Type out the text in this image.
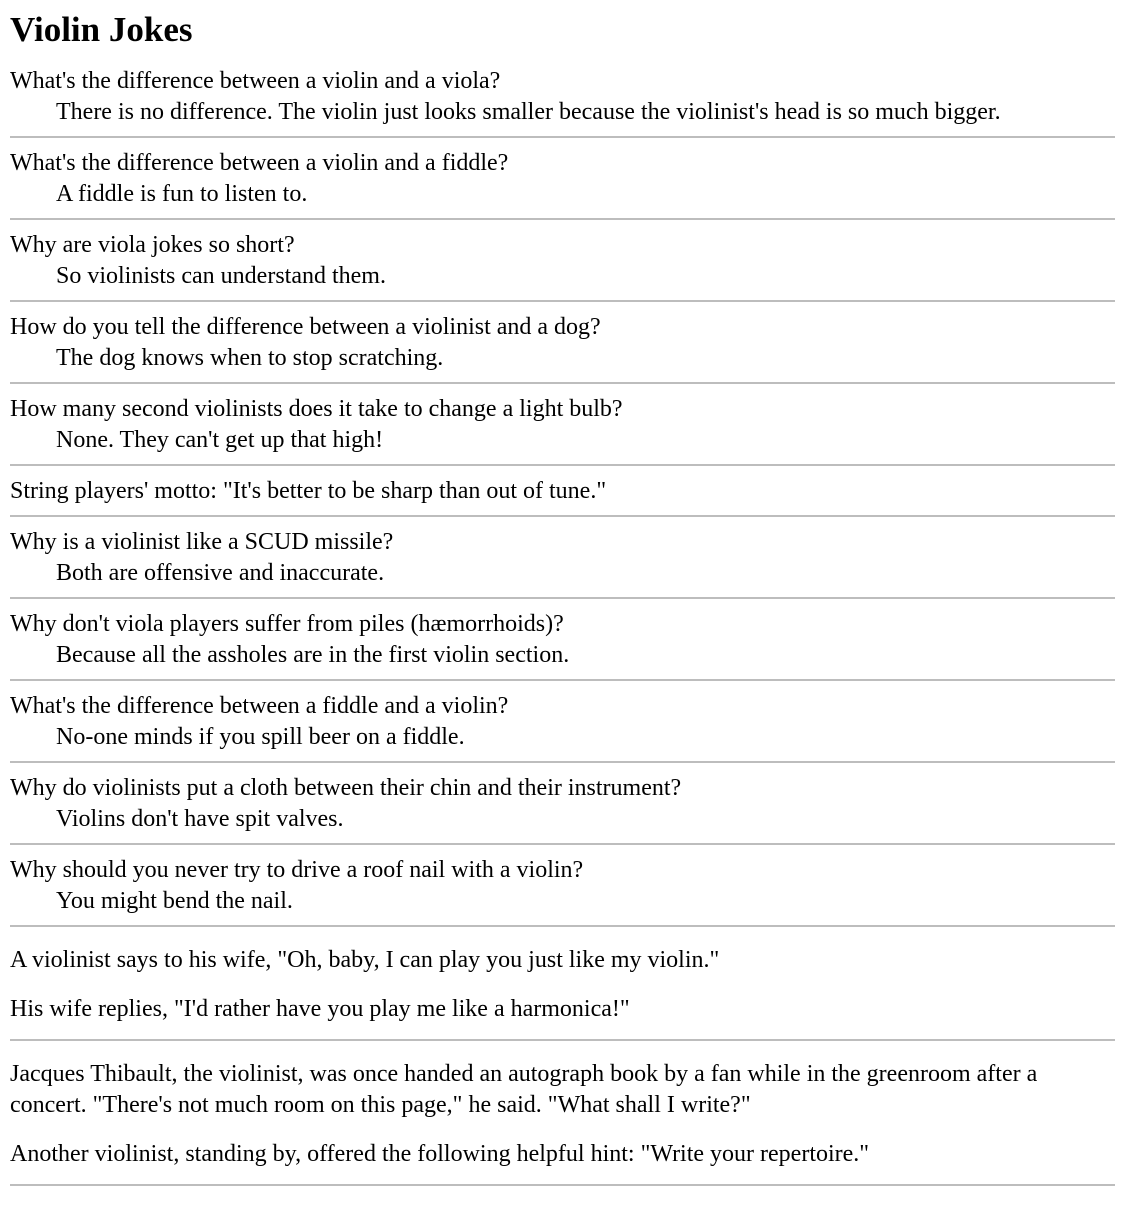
Violin Jokes
What's the difference between a violin and a viola?
There is no difference. The violin just looks smaller because the violinist's head is so much bigger.
What's the difference between a violin and a fiddle?
A fiddle is fun to listen to.
Why are viola jokes so short?
So violinists can understand them.
How do you tell the difference between a violinist and a dog?
The dog knows when to stop scratching.
How many second violinists does it take to change a light bulb?
None. They can't get up that high!
String players' motto: "It's better to be sharp than out of tune."
Why is a violinist like a SCUD missile?
Both are offensive and inaccurate.
Why don't viola players suffer from piles (hæmorrhoids)?
Because all the assholes are in the first violin section.
What's the difference between a fiddle and a violin?
No-one minds if you spill beer on a fiddle.
Why do violinists put a cloth between their chin and their instrument?
Violins don't have spit valves.
Why should you never try to drive a roof nail with a violin?
You might bend the nail.

A violinist says to his wife, "Oh, baby, I can play you just like my violin."

His wife replies, "I'd rather have you play me like a harmonica!"

Jacques Thibault, the violinist, was once handed an autograph book by a fan while in the greenroom after a concert. "There's not much room on this page," he said. "What shall I write?"

Another violinist, standing by, offered the following helpful hint: "Write your repertoire."
